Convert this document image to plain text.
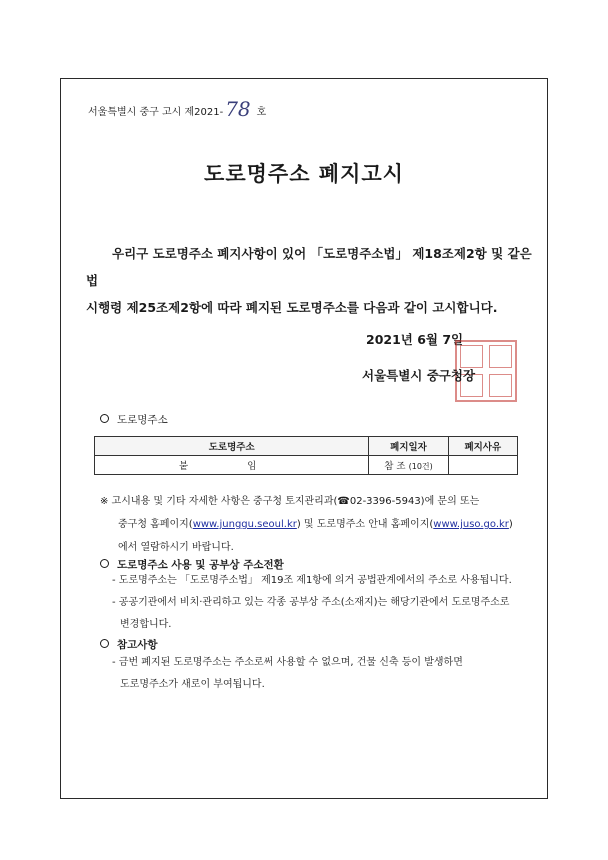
서울특별시 중구 고시 제2021- 78 호
도로명주소 폐지고시
우리구 도로명주소 폐지사항이 있어 「도로명주소법」 제18조제2항 및 같은 법
시행령 제25조제2항에 따라 폐지된 도로명주소를 다음과 같이 고시합니다.
2021년 6월 7일
서울특별시 중구청장
도로명주소
도로명주소	폐지일자	폐지사유
붙 임	참 조 (10건)	
※ 고시내용 및 기타 자세한 사항은 중구청 토지관리과(☎02-3396-5943)에 문의 또는
중구청 홈페이지(www.junggu.seoul.kr) 및 도로명주소 안내 홈페이지(www.juso.go.kr)
에서 열람하시기 바랍니다.
도로명주소 사용 및 공부상 주소전환
- 도로명주소는 「도로명주소법」 제19조 제1항에 의거 공법관계에서의 주소로 사용됩니다.
- 공공기관에서 비치·관리하고 있는 각종 공부상 주소(소재지)는 해당기관에서 도로명주소로
변경합니다.
참고사항
- 금번 폐지된 도로명주소는 주소로써 사용할 수 없으며, 건물 신축 등이 발생하면
도로명주소가 새로이 부여됩니다.
